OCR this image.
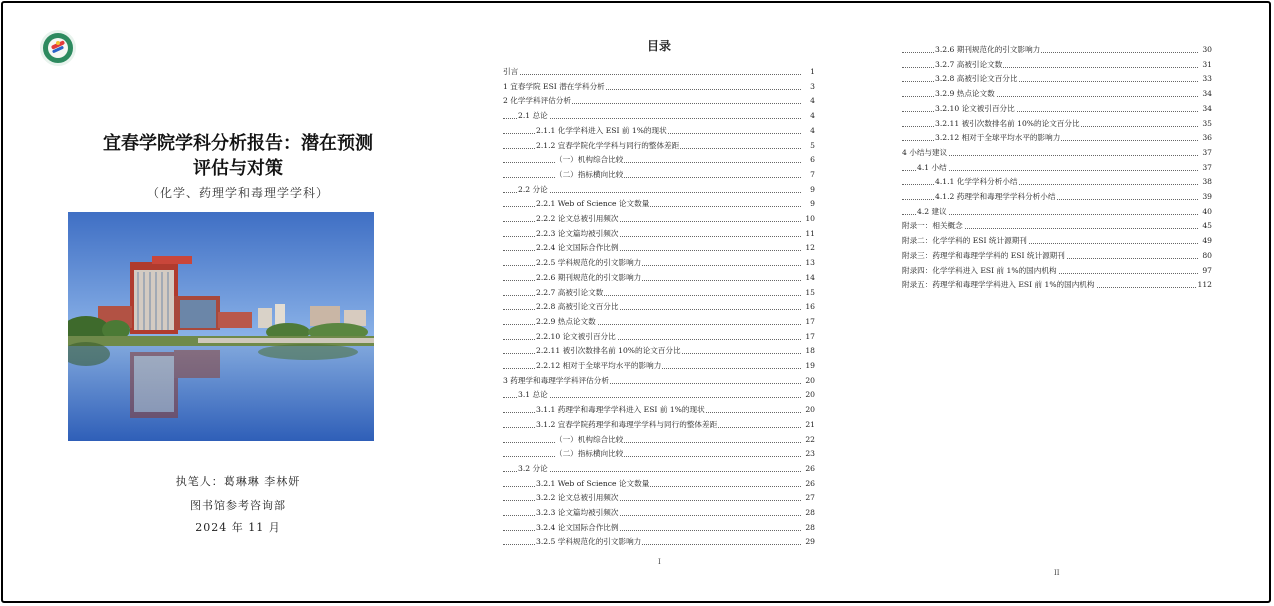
宜春学院学科分析报告：潜在预测
评估与对策
（化学、药理学和毒理学学科）
执笔人：葛琳琳 李林妍
图书馆参考咨询部
2024 年 11 月
目录
引言	1
1 宜春学院 ESI 潜在学科分析	3
2 化学学科评估分析	4
2.1 总论	4
2.1.1 化学学科进入 ESI 前 1%的现状	4
2.1.2 宜春学院化学学科与同行的整体差距	5
（一）机构综合比较	6
（二）指标横向比较	7
2.2 分论	9
2.2.1 Web of Science 论文数量	9
2.2.2 论文总被引用频次	10
2.2.3 论文篇均被引频次	11
2.2.4 论文国际合作比例	12
2.2.5 学科规范化的引文影响力	13
2.2.6 期刊规范化的引文影响力	14
2.2.7 高被引论文数	15
2.2.8 高被引论文百分比	16
2.2.9 热点论文数	17
2.2.10 论文被引百分比	17
2.2.11 被引次数排名前 10%的论文百分比	18
2.2.12 相对于全球平均水平的影响力	19
3 药理学和毒理学学科评估分析	20
3.1 总论	20
3.1.1 药理学和毒理学学科进入 ESI 前 1%的现状	20
3.1.2 宜春学院药理学和毒理学学科与同行的整体差距	21
（一）机构综合比较	22
（二）指标横向比较	23
3.2 分论	26
3.2.1 Web of Science 论文数量	26
3.2.2 论文总被引用频次	27
3.2.3 论文篇均被引频次	28
3.2.4 论文国际合作比例	28
3.2.5 学科规范化的引文影响力	29
I
3.2.6 期刊规范化的引文影响力	30
3.2.7 高被引论文数	31
3.2.8 高被引论文百分比	33
3.2.9 热点论文数	34
3.2.10 论文被引百分比	34
3.2.11 被引次数排名前 10%的论文百分比	35
3.2.12 相对于全球平均水平的影响力	36
4 小结与建议	37
4.1 小结	37
4.1.1 化学学科分析小结	38
4.1.2 药理学和毒理学学科分析小结	39
4.2 建议	40
附录一：相关概念	45
附录二：化学学科的 ESI 统计源期刊	49
附录三：药理学和毒理学学科的 ESI 统计源期刊	80
附录四：化学学科进入 ESI 前 1%的国内机构	97
附录五：药理学和毒理学学科进入 ESI 前 1%的国内机构	112
II
